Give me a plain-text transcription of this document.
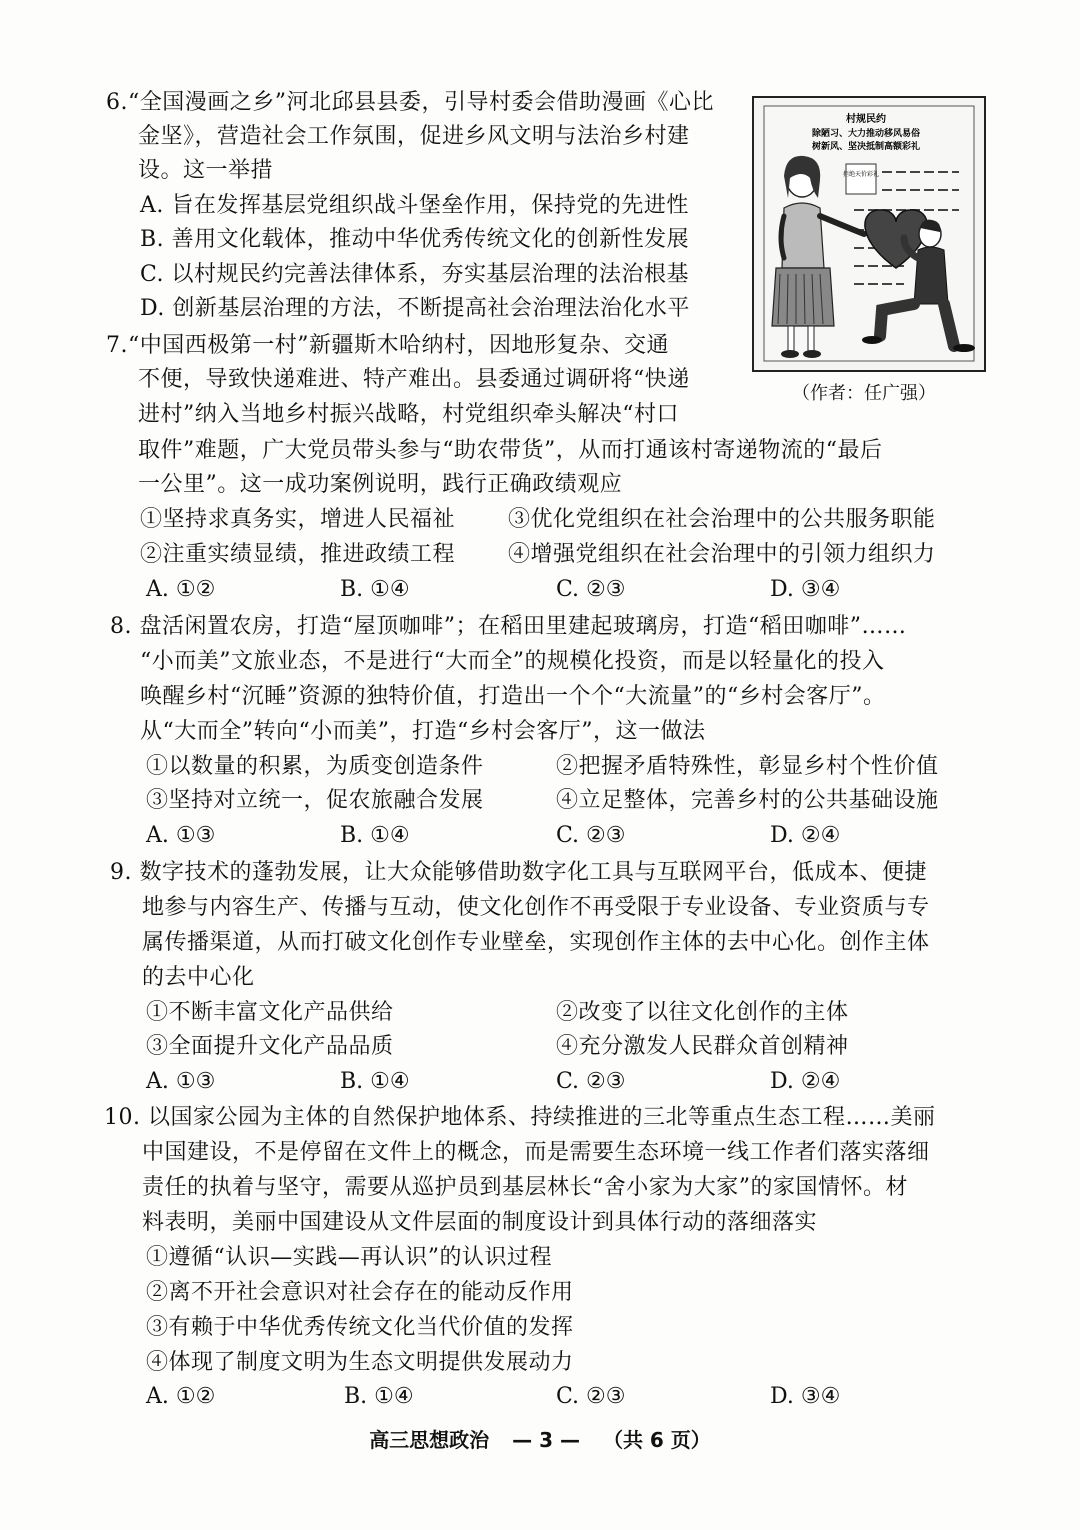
6.“全国漫画之乡”河北邱县县委，引导村委会借助漫画《心比
金坚》，营造社会工作氛围，促进乡风文明与法治乡村建
设。这一举措
A. 旨在发挥基层党组织战斗堡垒作用，保持党的先进性
B. 善用文化载体，推动中华优秀传统文化的创新性发展
C. 以村规民约完善法律体系，夯实基层治理的法治根基
D. 创新基层治理的方法，不断提高社会治理法治化水平
村规民约
除陋习、大力推动移风易俗
树新风、坚决抵制高额彩礼
拒绝天价彩礼
（作者：任广强）
7.“中国西极第一村”新疆斯木哈纳村，因地形复杂、交通
不便，导致快递难进、特产难出。县委通过调研将“快递
进村”纳入当地乡村振兴战略，村党组织牵头解决“村口
取件”难题，广大党员带头参与“助农带货”，从而打通该村寄递物流的“最后
一公里”。这一成功案例说明，践行正确政绩观应
①坚持求真务实，增进人民福祉 ③优化党组织在社会治理中的公共服务职能
②注重实绩显绩，推进政绩工程 ④增强党组织在社会治理中的引领力组织力
A. ①②	B. ①④	C. ②③	D. ③④
8. 盘活闲置农房，打造“屋顶咖啡”；在稻田里建起玻璃房，打造“稻田咖啡”……
“小而美”文旅业态，不是进行“大而全”的规模化投资，而是以轻量化的投入
唤醒乡村“沉睡”资源的独特价值，打造出一个个“大流量”的“乡村会客厅”。
从“大而全”转向“小而美”，打造“乡村会客厅”，这一做法
①以数量的积累，为质变创造条件	②把握矛盾特殊性，彰显乡村个性价值
③坚持对立统一，促农旅融合发展	④立足整体，完善乡村的公共基础设施
A. ①③	B. ①④	C. ②③	D. ②④
9. 数字技术的蓬勃发展，让大众能够借助数字化工具与互联网平台，低成本、便捷
地参与内容生产、传播与互动，使文化创作不再受限于专业设备、专业资质与专
属传播渠道，从而打破文化创作专业壁垒，实现创作主体的去中心化。创作主体
的去中心化
①不断丰富文化产品供给	②改变了以往文化创作的主体
③全面提升文化产品品质	④充分激发人民群众首创精神
A. ①③	B. ①④	C. ②③	D. ②④
10. 以国家公园为主体的自然保护地体系、持续推进的三北等重点生态工程……美丽
中国建设，不是停留在文件上的概念，而是需要生态环境一线工作者们落实落细
责任的执着与坚守，需要从巡护员到基层林长“舍小家为大家”的家国情怀。材
料表明，美丽中国建设从文件层面的制度设计到具体行动的落细落实
①遵循“认识—实践—再认识”的认识过程
②离不开社会意识对社会存在的能动反作用
③有赖于中华优秀传统文化当代价值的发挥
④体现了制度文明为生态文明提供发展动力
A. ①②	B. ①④	C. ②③	D. ③④
高三思想政治 — 3 — （共 6 页）
